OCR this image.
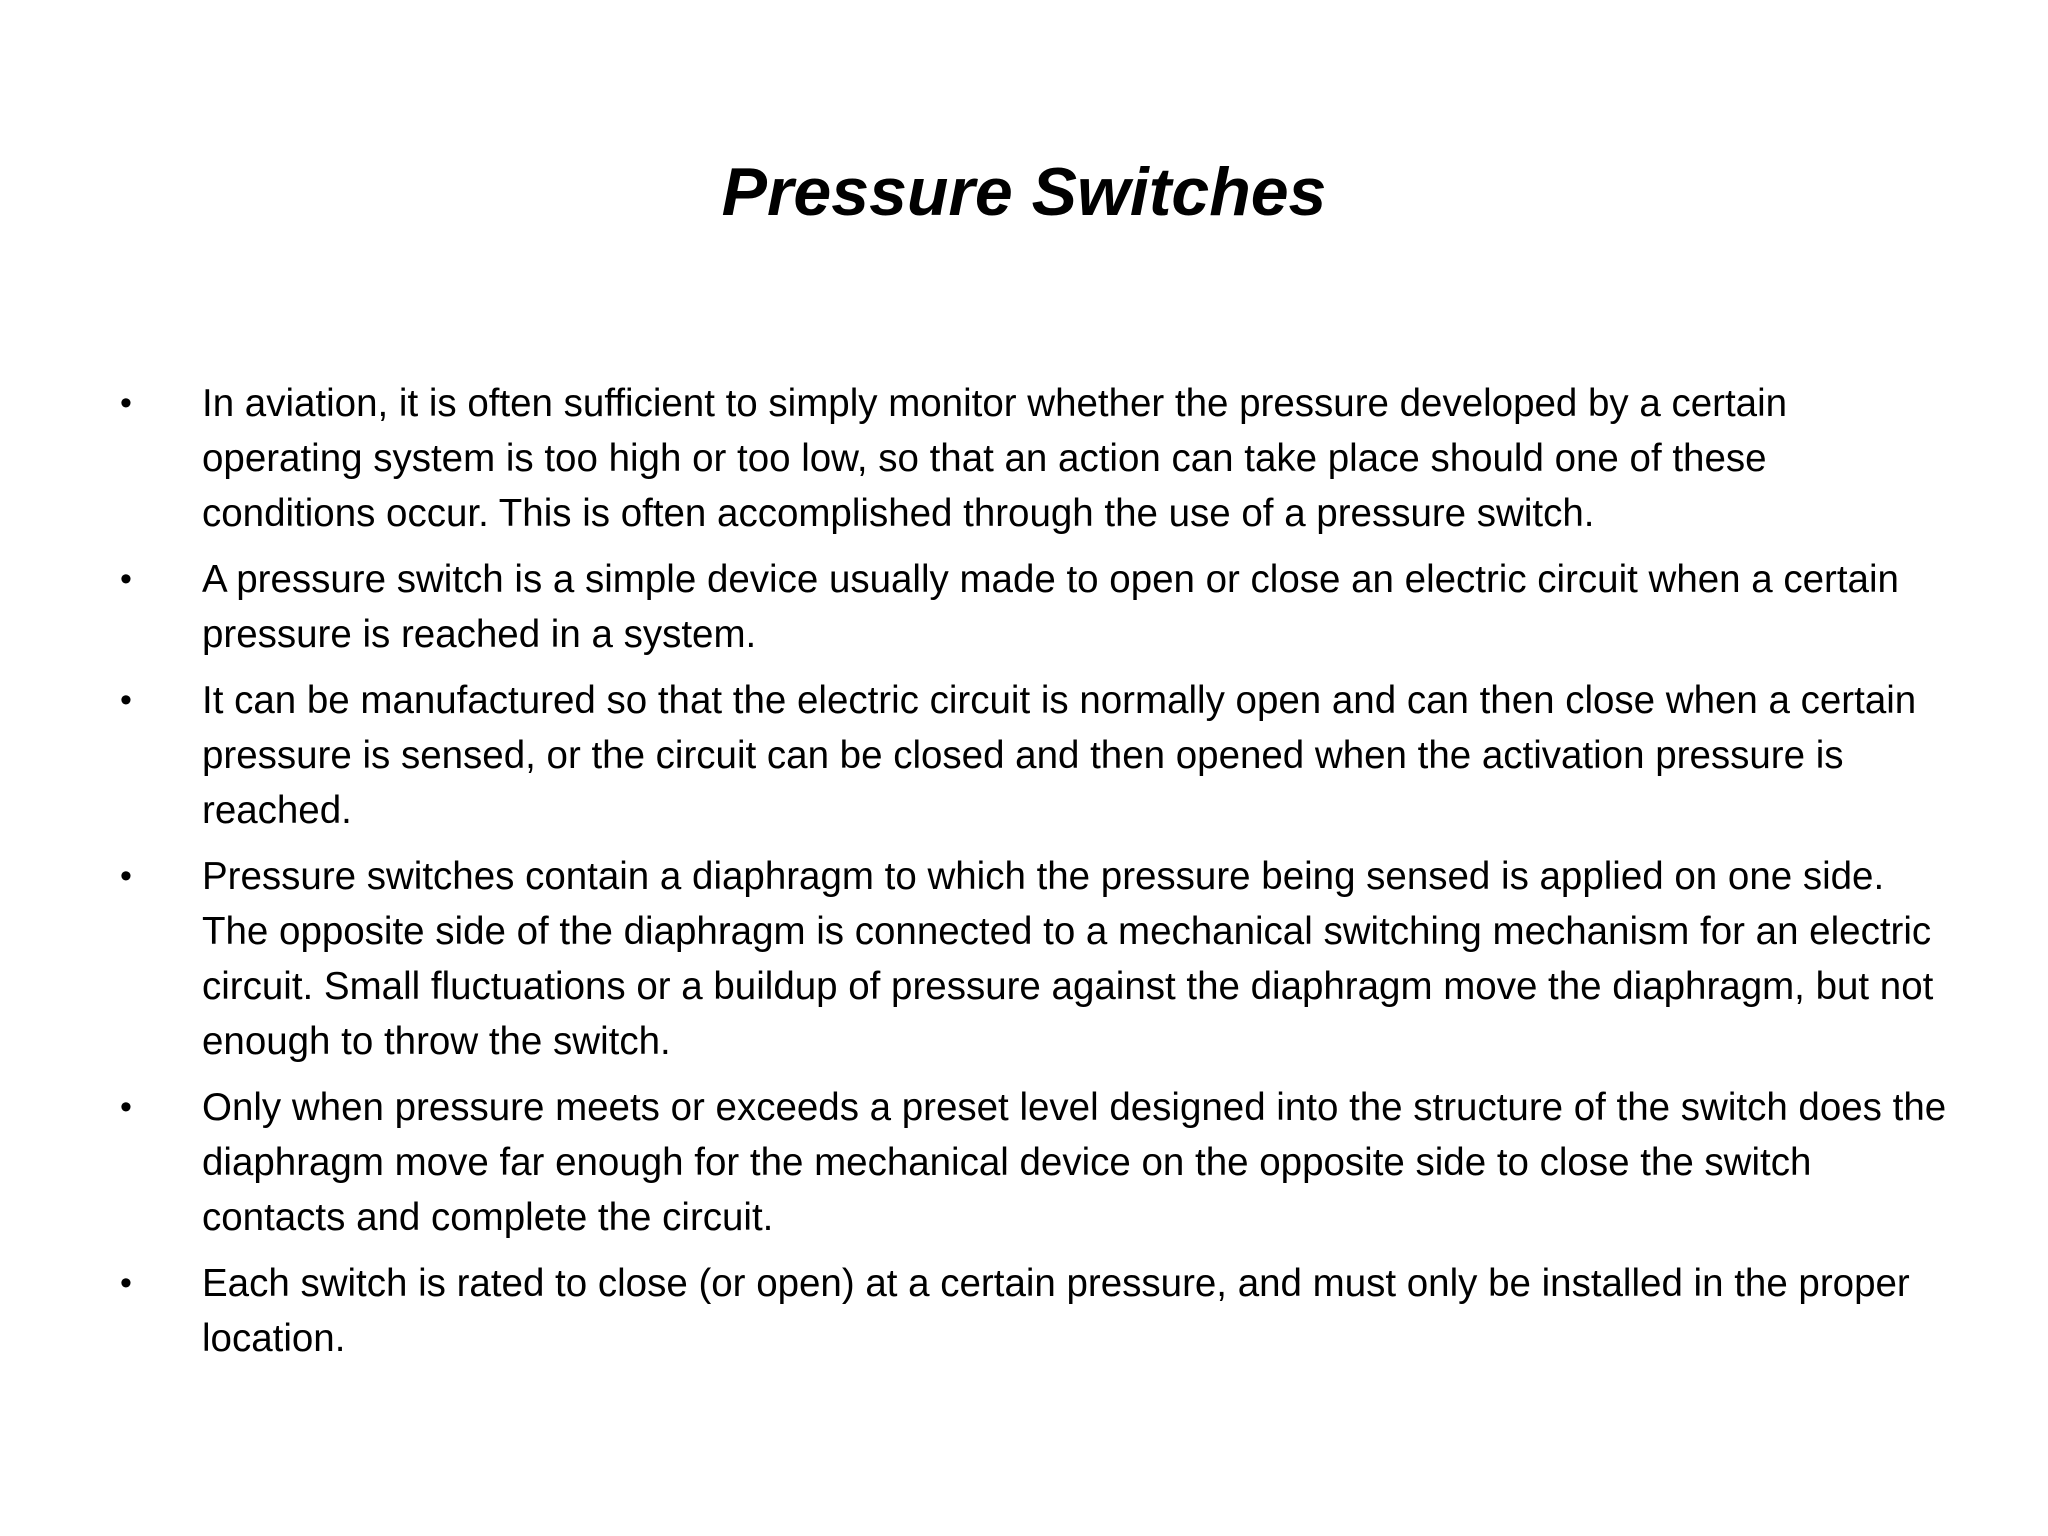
Pressure Switches
•	In aviation, it is often sufficient to simply monitor whether the pressure developed by a certain operating system is too high or too low, so that an action can take place should one of these conditions occur. This is often accomplished through the use of a pressure switch.
•	A pressure switch is a simple device usually made to open or close an electric circuit when a certain pressure is reached in a system.
•	It can be manufactured so that the electric circuit is normally open and can then close when a certain pressure is sensed, or the circuit can be closed and then opened when the activation pressure is reached.
•	Pressure switches contain a diaphragm to which the pressure being sensed is applied on one side. The opposite side of the diaphragm is connected to a mechanical switching mechanism for an electric circuit. Small fluctuations or a buildup of pressure against the diaphragm move the diaphragm, but not enough to throw the switch.
•	Only when pressure meets or exceeds a preset level designed into the structure of the switch does the diaphragm move far enough for the mechanical device on the opposite side to close the switch contacts and complete the circuit.
•	Each switch is rated to close (or open) at a certain pressure, and must only be installed in the proper location.
